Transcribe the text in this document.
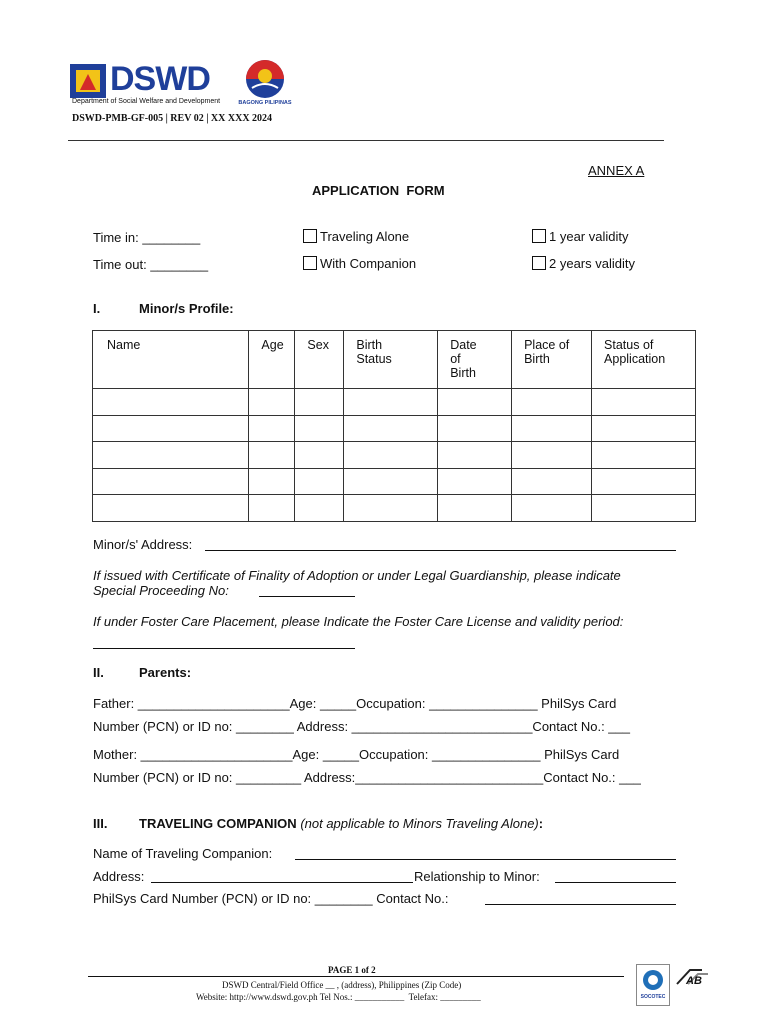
DSWD
Department of Social Welfare and Development	BAGONG PILIPINAS
DSWD-PMB-GF-005 | REV 02 | XX XXX 2024
ANNEX A
APPLICATION  FORM
Time in: ________
Time out: ________
Traveling Alone
With Companion
1 year validity
2 years validity
I.	Minor/s Profile:
Name	Age	Sex	Birth Status	Date of Birth	Place of Birth	Status of Application

Minor/s' Address:
If issued with Certificate of Finality of Adoption or under Legal Guardianship, please indicate
Special Proceeding No:
If under Foster Care Placement, please Indicate the Foster Care License and validity period:
II.	Parents:
Father: _____________________Age: _____Occupation: _______________ PhilSys Card
Number (PCN) or ID no: ________ Address: _________________________Contact No.: ___
Mother: _____________________Age: _____Occupation: _______________ PhilSys Card
Number (PCN) or ID no: _________ Address:__________________________Contact No.: ___
III. TRAVELING COMPANION (not applicable to Minors Traveling Alone):
Name of Traveling Companion:
Address:	Relationship to Minor:
PhilSys Card Number (PCN) or ID no: ________ Contact No.:
PAGE 1 of 2
DSWD Central/Field Office __ , (address), Philippines (Zip Code)
Website: http://www.dswd.gov.ph Tel Nos.: ___________  Telefax: _________	SOCOTEC
AB
